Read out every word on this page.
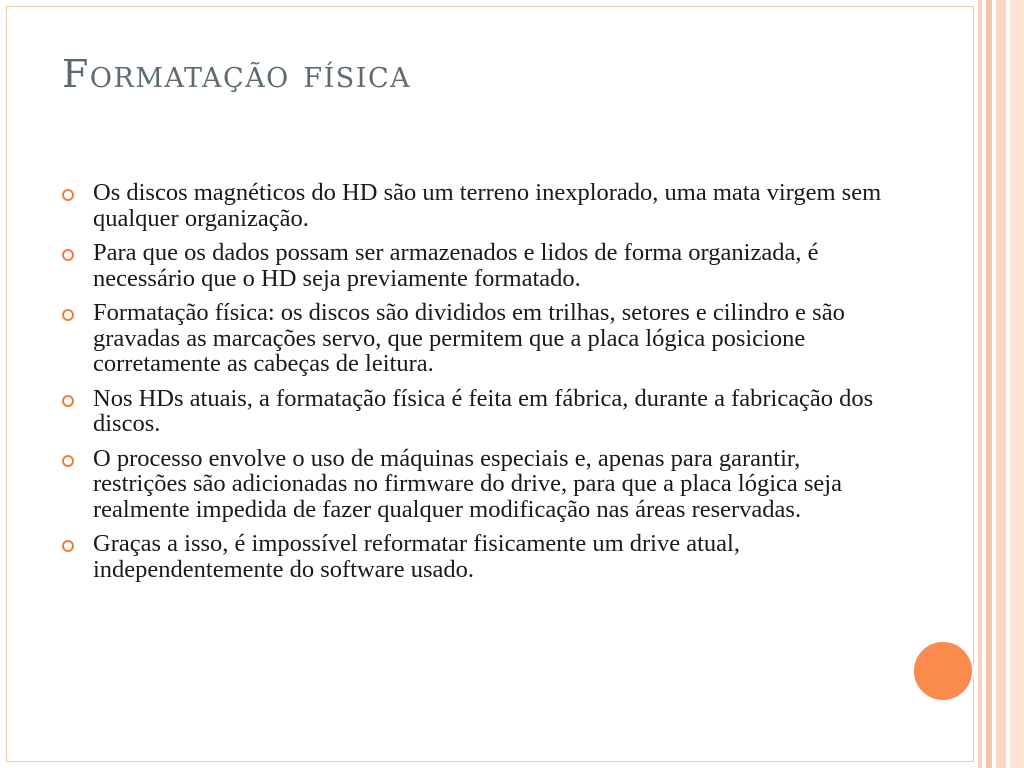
Formatação física
Os discos magnéticos do HD são um terreno inexplorado, uma mata virgem sem qualquer organização.
Para que os dados possam ser armazenados e lidos de forma organizada, é necessário que o HD seja previamente formatado.
Formatação física: os discos são divididos em trilhas, setores e cilindro e são gravadas as marcações servo, que permitem que a placa lógica posicione corretamente as cabeças de leitura.
Nos HDs atuais, a formatação física é feita em fábrica, durante a fabricação dos discos.
O processo envolve o uso de máquinas especiais e, apenas para garantir, restrições são adicionadas no firmware do drive, para que a placa lógica seja realmente impedida de fazer qualquer modificação nas áreas reservadas.
Graças a isso, é impossível reformatar fisicamente um drive atual, independentemente do software usado.
